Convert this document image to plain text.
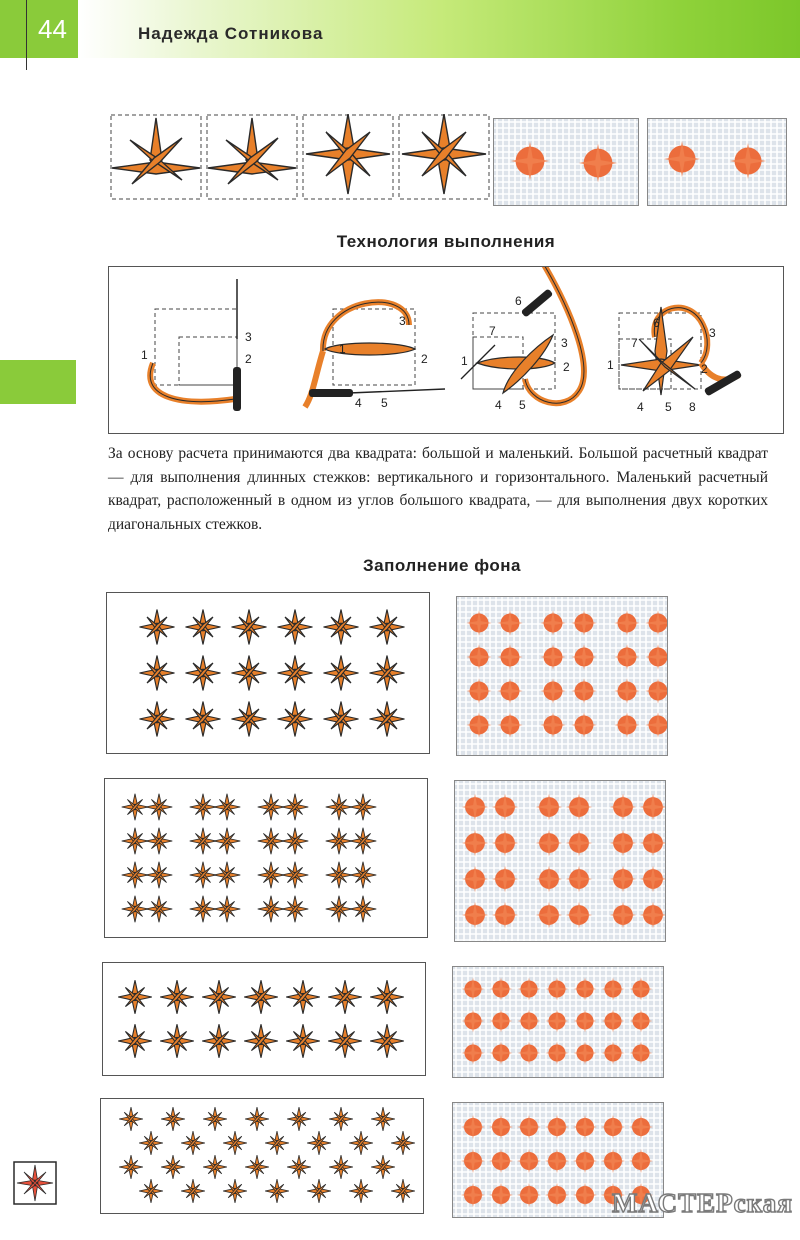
44	Надежда Сотникова
Технология выполнения
1	2
3
1
2
3
4 5
1	2
3
4 5
6
7
1	2
3
4 5
6
7
8

За основу расчета принимаются два квадрата: большой и маленький. Большой расчетный квадрат — для выполнения длинных стежков: вертикального и горизонтального. Маленький расчетный квадрат, расположенный в одном из углов большого квадрата, — для выполнения двух коротких диагональных стежков.

Заполнение фона
МАСТЕРская
